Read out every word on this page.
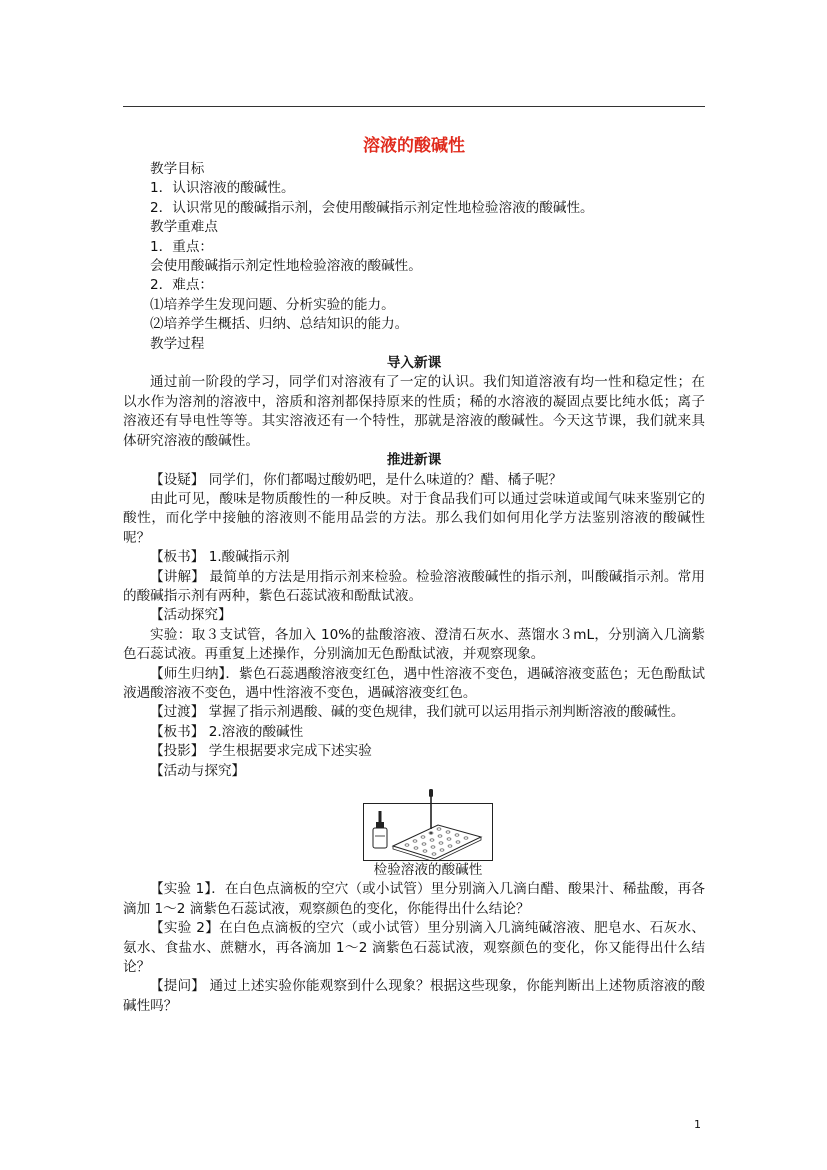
溶液的酸碱性

教学目标

1．认识溶液的酸碱性。

2．认识常见的酸碱指示剂，会使用酸碱指示剂定性地检验溶液的酸碱性。

教学重难点

1．重点：

会使用酸碱指示剂定性地检验溶液的酸碱性。

2．难点：

⑴培养学生发现问题、分析实验的能力。

⑵培养学生概括、归纳、总结知识的能力。

教学过程

导入新课

通过前一阶段的学习，同学们对溶液有了一定的认识。我们知道溶液有均一性和稳定性；在以水作为溶剂的溶液中，溶质和溶剂都保持原来的性质；稀的水溶液的凝固点要比纯水低；离子溶液还有导电性等等。其实溶液还有一个特性，那就是溶液的酸碱性。今天这节课，我们就来具体研究溶液的酸碱性。

推进新课

【设疑】 同学们，你们都喝过酸奶吧，是什么味道的？醋、橘子呢？

由此可见，酸味是物质酸性的一种反映。对于食品我们可以通过尝味道或闻气味来鉴别它的酸性，而化学中接触的溶液则不能用品尝的方法。那么我们如何用化学方法鉴别溶液的酸碱性呢？

【板书】 1.酸碱指示剂

【讲解】 最简单的方法是用指示剂来检验。检验溶液酸碱性的指示剂，叫酸碱指示剂。常用的酸碱指示剂有两种，紫色石蕊试液和酚酞试液。

【活动探究】

实验：取３支试管，各加入 10%的盐酸溶液、澄清石灰水、蒸馏水３mL，分别滴入几滴紫色石蕊试液。再重复上述操作，分别滴加无色酚酞试液，并观察现象。

【师生归纳】．紫色石蕊遇酸溶液变红色，遇中性溶液不变色，遇碱溶液变蓝色；无色酚酞试液遇酸溶液不变色，遇中性溶液不变色，遇碱溶液变红色。

【过渡】 掌握了指示剂遇酸、碱的变色规律，我们就可以运用指示剂判断溶液的酸碱性。

【板书】 2.溶液的酸碱性

【投影】 学生根据要求完成下述实验

【活动与探究】

检验溶液的酸碱性

【实验 1】．在白色点滴板的空穴（或小试管）里分别滴入几滴白醋、酸果汁、稀盐酸，再各滴加 1～2 滴紫色石蕊试液，观察颜色的变化，你能得出什么结论？

【实验 2】在白色点滴板的空穴（或小试管）里分别滴入几滴纯碱溶液、肥皂水、石灰水、氨水、食盐水、蔗糖水，再各滴加 1～2 滴紫色石蕊试液，观察颜色的变化，你又能得出什么结论？

【提问】 通过上述实验你能观察到什么现象？根据这些现象，你能判断出上述物质溶液的酸碱性吗？

1
